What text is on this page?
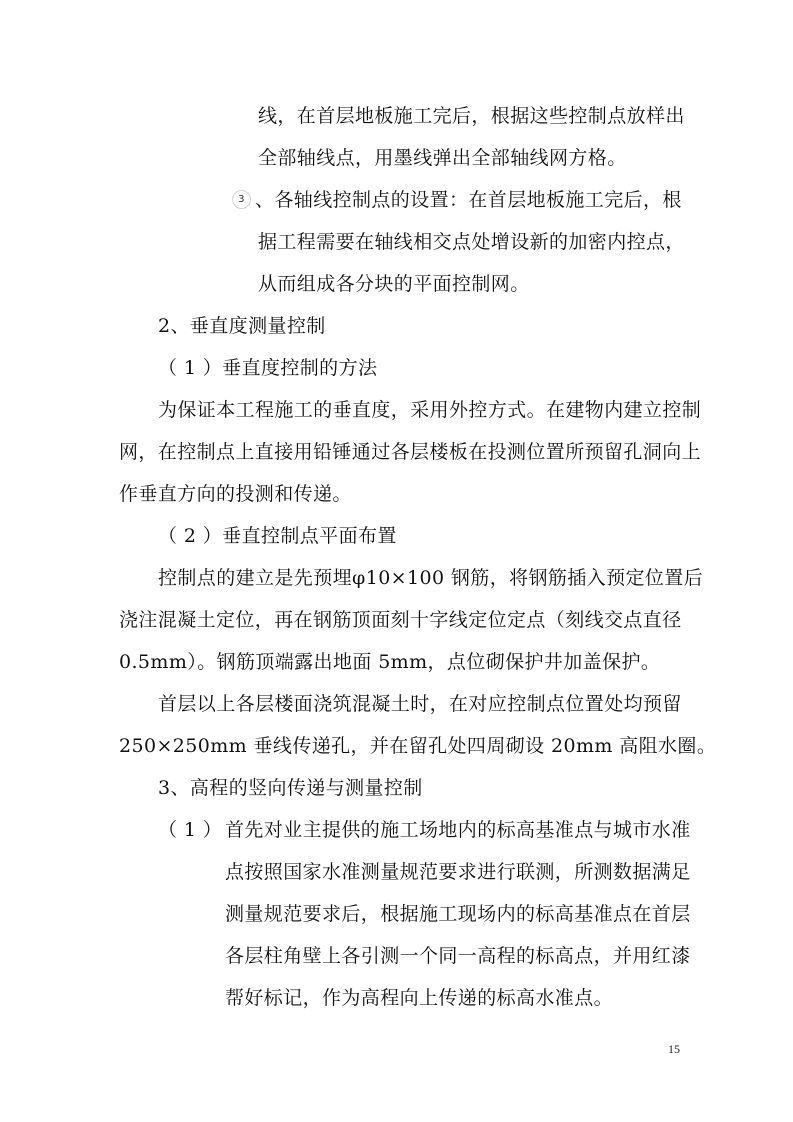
线，在首层地板施工完后，根据这些控制点放样出
全部轴线点，用墨线弹出全部轴线网方格。
3 、各轴线控制点的设置：在首层地板施工完后，根
据工程需要在轴线相交点处增设新的加密内控点，
从而组成各分块的平面控制网。
2、垂直度测量控制
（ 1 ）垂直度控制的方法
为保证本工程施工的垂直度，采用外控方式。在建物内建立控制
网，在控制点上直接用铅锤通过各层楼板在投测位置所预留孔洞向上
作垂直方向的投测和传递。
（ 2 ）垂直控制点平面布置
控制点的建立是先预埋φ10×100 钢筋，将钢筋插入预定位置后
浇注混凝土定位，再在钢筋顶面刻十字线定位定点（刻线交点直径
0.5mm）。钢筋顶端露出地面 5mm，点位砌保护井加盖保护。
首层以上各层楼面浇筑混凝土时，在对应控制点位置处均预留
250×250mm 垂线传递孔，并在留孔处四周砌设 20mm 高阻水圈。
3、高程的竖向传递与测量控制
（ 1 ） 首先对业主提供的施工场地内的标高基准点与城市水准
点按照国家水准测量规范要求进行联测，所测数据满足
测量规范要求后，根据施工现场内的标高基准点在首层
各层柱角壁上各引测一个同一高程的标高点，并用红漆
帮好标记，作为高程向上传递的标高水准点。
15
